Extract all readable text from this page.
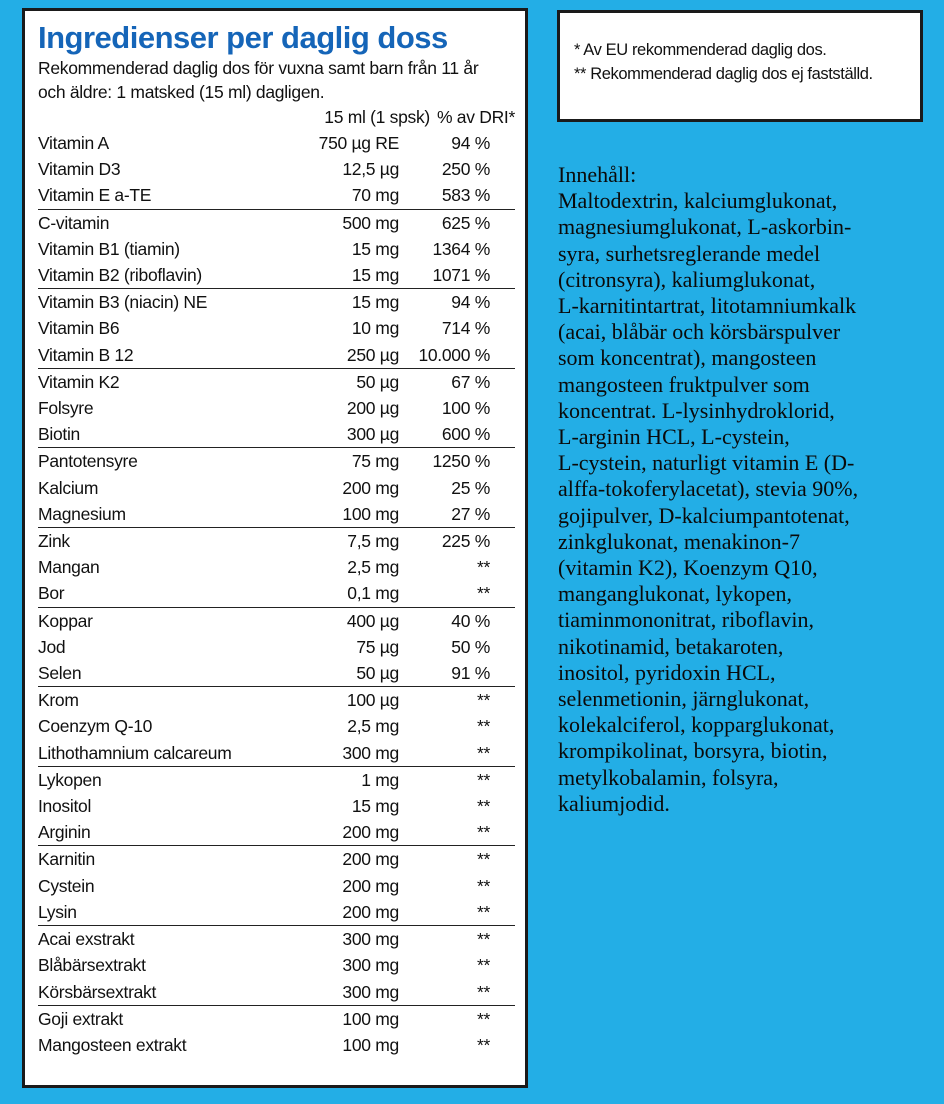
Ingredienser per daglig doss
Rekommenderad daglig dos för vuxna samt barn från 11 år
och äldre: 1 matsked (15 ml) dagligen.
15 ml (1 spsk) % av DRI*
Vitamin A	750 µg RE	94 %
Vitamin D3	12,5 µg	250 %
Vitamin E a-TE	70 mg	583 %
C-vitamin	500 mg	625 %
Vitamin B1 (tiamin)	15 mg	1364 %
Vitamin B2 (riboflavin)	15 mg	1071 %
Vitamin B3 (niacin) NE	15 mg	94 %
Vitamin B6	10 mg	714 %
Vitamin B 12	250 µg	10.000 %
Vitamin K2	50 µg	67 %
Folsyre	200 µg	100 %
Biotin	300 µg	600 %
Pantotensyre	75 mg	1250 %
Kalcium	200 mg	25 %
Magnesium	100 mg	27 %
Zink	7,5 mg	225 %
Mangan	2,5 mg	**
Bor	0,1 mg	**
Koppar	400 µg	40 %
Jod	75 µg	50 %
Selen	50 µg	91 %
Krom	100 µg	**
Coenzym Q-10	2,5 mg	**
Lithothamnium calcareum	300 mg	**
Lykopen	1 mg	**
Inositol	15 mg	**
Arginin	200 mg	**
Karnitin	200 mg	**
Cystein	200 mg	**
Lysin	200 mg	**
Acai exstrakt	300 mg	**
Blåbärsextrakt	300 mg	**
Körsbärsextrakt	300 mg	**
Goji extrakt	100 mg	**
Mangosteen extrakt	100 mg	**
* Av EU rekommenderad daglig dos.
** Rekommenderad daglig dos ej fastställd.
Innehåll:
Maltodextrin, kalciumglukonat,
magnesiumglukonat, L-askorbin-
syra, surhetsreglerande medel
(citronsyra), kaliumglukonat,
L-karnitintartrat, litotamniumkalk
(acai, blåbär och körsbärspulver
som koncentrat), mangosteen
mangosteen fruktpulver som
koncentrat. L-lysinhydroklorid,
L-arginin HCL, L-cystein,
L-cystein, naturligt vitamin E (D-
alffa-tokoferylacetat), stevia 90%,
gojipulver, D-kalciumpantotenat,
zinkglukonat, menakinon-7
(vitamin K2), Koenzym Q10,
manganglukonat, lykopen,
tiaminmononitrat, riboflavin,
nikotinamid, betakaroten,
inositol, pyridoxin HCL,
selenmetionin, järnglukonat,
kolekalciferol, kopparglukonat,
krompikolinat, borsyra, biotin,
metylkobalamin, folsyra,
kaliumjodid.
